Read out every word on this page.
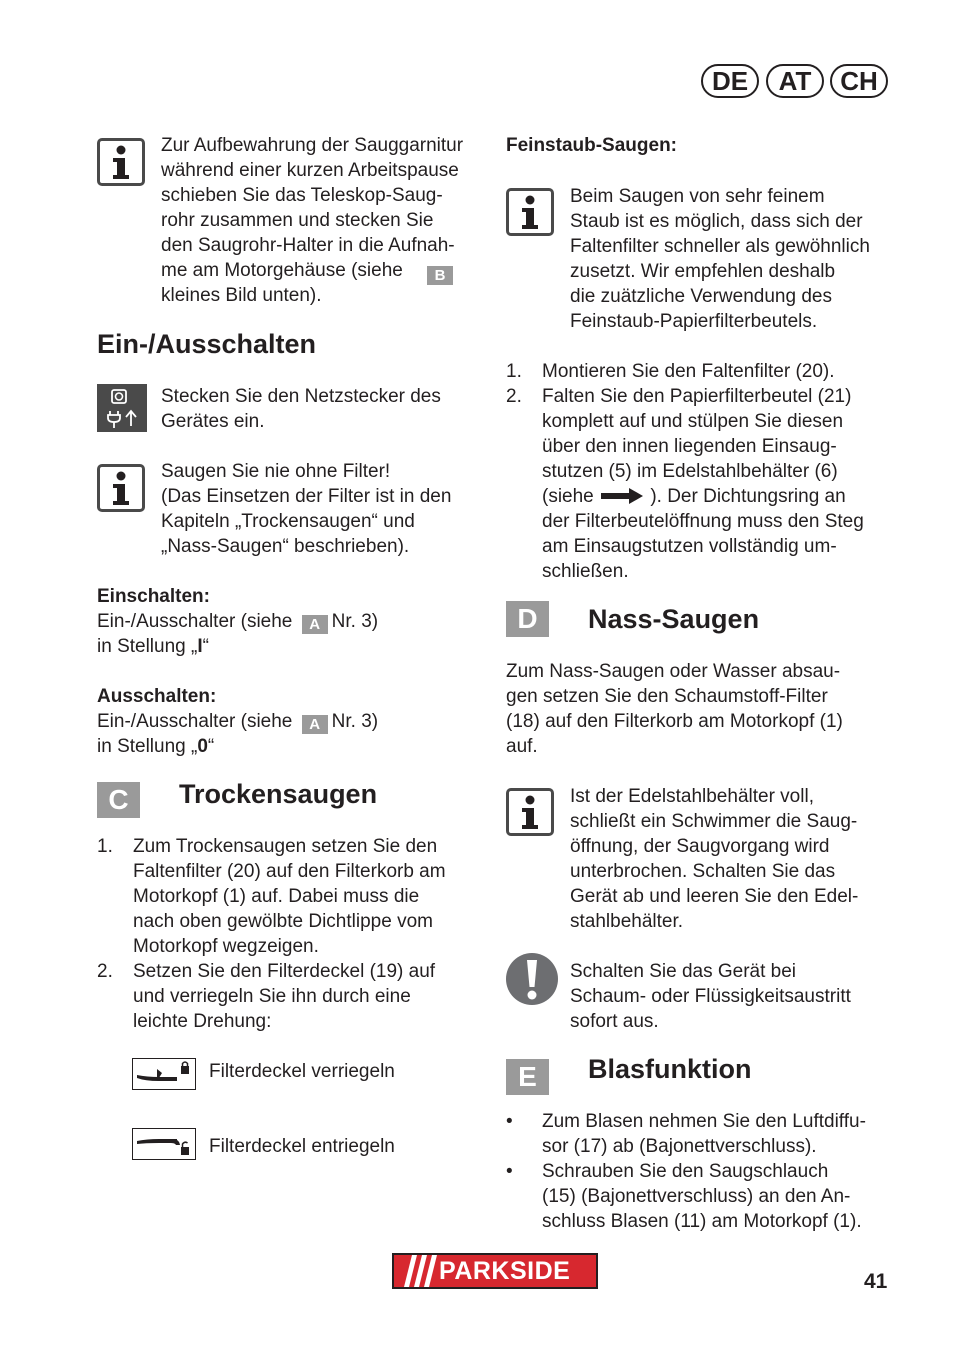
DE	AT	CH
Zur Aufbewahrung der Sauggarnitur
während einer kurzen Arbeitspause
schieben Sie das Teleskop-Saug-
rohr zusammen und stecken Sie
den Saugrohr-Halter in die Aufnah-
me am Motorgehäuse (siehe	B
kleines Bild unten).
Ein-/Ausschalten
Stecken Sie den Netzstecker des
Gerätes ein.
Saugen Sie nie ohne Filter!
(Das Einsetzen der Filter ist in den
Kapiteln „Trockensaugen“ und
„Nass-Saugen“ beschrieben).
Einschalten:
Ein-/Ausschalter (siehe A Nr. 3)
in Stellung „I“
Ausschalten:
Ein-/Ausschalter (siehe A Nr. 3)
in Stellung „0“
C	Trockensaugen
1. Zum Trockensaugen setzen Sie den
Faltenfilter (20) auf den Filterkorb am
Motorkopf (1) auf. Dabei muss die
nach oben gewölbte Dichtlippe vom
Motorkopf wegzeigen.
2. Setzen Sie den Filterdeckel (19) auf
und verriegeln Sie ihn durch eine
leichte Drehung:
Filterdeckel verriegeln
Filterdeckel entriegeln
Feinstaub-Saugen:
Beim Saugen von sehr feinem
Staub ist es möglich, dass sich der
Faltenfilter schneller als gewöhnlich
zusetzt. Wir empfehlen deshalb
die zuätzliche Verwendung des
Feinstaub-Papierfilterbeutels.
1. Montieren Sie den Faltenfilter (20).
2. Falten Sie den Papierfilterbeutel (21)
komplett auf und stülpen Sie diesen
über den innen liegenden Einsaug-
stutzen (5) im Edelstahlbehälter (6)
(siehe	). Der Dichtungsring an
der Filterbeutelöffnung muss den Steg
am Einsaugstutzen vollständig um-
schließen.
D	Nass-Saugen
Zum Nass-Saugen oder Wasser absau-
gen setzen Sie den Schaumstoff-Filter
(18) auf den Filterkorb am Motorkopf (1)
auf.
Ist der Edelstahlbehälter voll,
schließt ein Schwimmer die Saug-
öffnung, der Saugvorgang wird
unterbrochen. Schalten Sie das
Gerät ab und leeren Sie den Edel-
stahlbehälter.
Schalten Sie das Gerät bei
Schaum- oder Flüssigkeitsaustritt
sofort aus.
E	Blasfunktion
• Zum Blasen nehmen Sie den Luftdiffu-
sor (17) ab (Bajonettverschluss).
• Schrauben Sie den Saugschlauch
(15) (Bajonettverschluss) an den An-
schluss Blasen (11) am Motorkopf (1).
PARKSIDE	41
